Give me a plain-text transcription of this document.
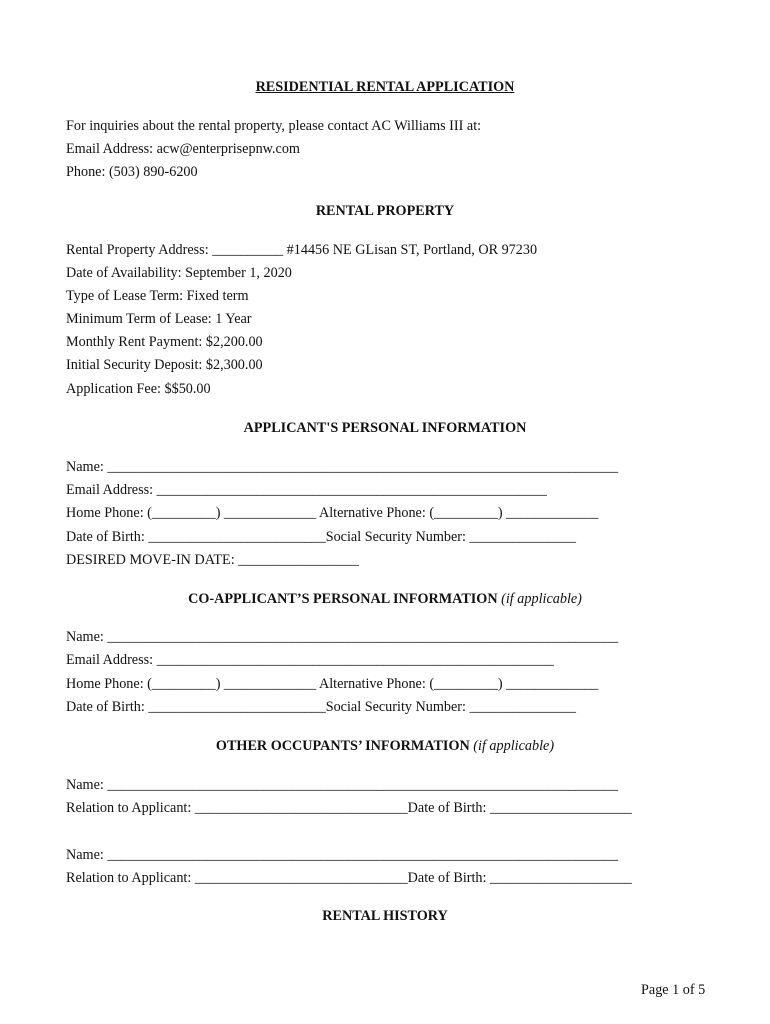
RESIDENTIAL RENTAL APPLICATION
For inquiries about the rental property, please contact AC Williams III at:
Email Address: acw@enterprisepnw.com
Phone: (503) 890-6200
RENTAL PROPERTY
Rental Property Address: __________ #14456 NE GLisan ST, Portland, OR 97230
Date of Availability: September 1, 2020
Type of Lease Term: Fixed term
Minimum Term of Lease: 1 Year
Monthly Rent Payment: $2,200.00
Initial Security Deposit: $2,300.00
Application Fee: $$50.00
APPLICANT'S PERSONAL INFORMATION
Name: ________________________________________________________________________
Email Address: _______________________________________________________
Home Phone: (_________) _____________ Alternative Phone: (_________) _____________
Date of Birth: _________________________Social Security Number: _______________
DESIRED MOVE-IN DATE: _________________
CO-APPLICANT’S PERSONAL INFORMATION (if applicable)
Name: ________________________________________________________________________
Email Address: ________________________________________________________
Home Phone: (_________) _____________ Alternative Phone: (_________) _____________
Date of Birth: _________________________Social Security Number: _______________
OTHER OCCUPANTS’ INFORMATION (if applicable)
Name: ________________________________________________________________________
Relation to Applicant: ______________________________Date of Birth: ____________________
Name: ________________________________________________________________________
Relation to Applicant: ______________________________Date of Birth: ____________________
RENTAL HISTORY
Page 1 of 5
